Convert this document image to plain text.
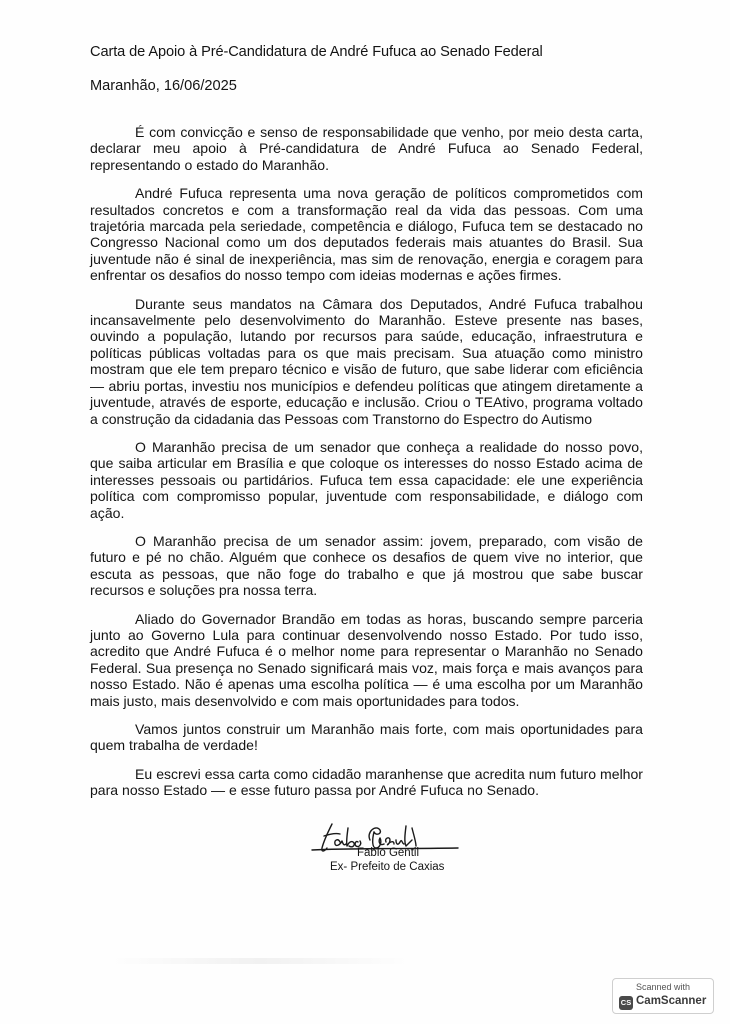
Carta de Apoio à Pré-Candidatura de André Fufuca ao Senado Federal
Maranhão, 16/06/2025

É com convicção e senso de responsabilidade que venho, por meio desta carta, declarar meu apoio à Pré-candidatura de André Fufuca ao Senado Federal, representando o estado do Maranhão.

André Fufuca representa uma nova geração de políticos comprometidos com resultados concretos e com a transformação real da vida das pessoas. Com uma trajetória marcada pela seriedade, competência e diálogo, Fufuca tem se destacado no Congresso Nacional como um dos deputados federais mais atuantes do Brasil. Sua juventude não é sinal de inexperiência, mas sim de renovação, energia e coragem para enfrentar os desafios do nosso tempo com ideias modernas e ações firmes.

Durante seus mandatos na Câmara dos Deputados, André Fufuca trabalhou incansavelmente pelo desenvolvimento do Maranhão. Esteve presente nas bases, ouvindo a população, lutando por recursos para saúde, educação, infraestrutura e políticas públicas voltadas para os que mais precisam. Sua atuação como ministro mostram que ele tem preparo técnico e visão de futuro, que sabe liderar com eficiência — abriu portas, investiu nos municípios e defendeu políticas que atingem diretamente a juventude, através de esporte, educação e inclusão. Criou o TEAtivo, programa voltado a construção da cidadania das Pessoas com Transtorno do Espectro do Autismo

O Maranhão precisa de um senador que conheça a realidade do nosso povo, que saiba articular em Brasília e que coloque os interesses do nosso Estado acima de interesses pessoais ou partidários. Fufuca tem essa capacidade: ele une experiência política com compromisso popular, juventude com responsabilidade, e diálogo com ação.

O Maranhão precisa de um senador assim: jovem, preparado, com visão de futuro e pé no chão. Alguém que conhece os desafios de quem vive no interior, que escuta as pessoas, que não foge do trabalho e que já mostrou que sabe buscar recursos e soluções pra nossa terra.

Aliado do Governador Brandão em todas as horas, buscando sempre parceria junto ao Governo Lula para continuar desenvolvendo nosso Estado. Por tudo isso, acredito que André Fufuca é o melhor nome para representar o Maranhão no Senado Federal. Sua presença no Senado significará mais voz, mais força e mais avanços para nosso Estado. Não é apenas uma escolha política — é uma escolha por um Maranhão mais justo, mais desenvolvido e com mais oportunidades para todos.

Vamos juntos construir um Maranhão mais forte, com mais oportunidades para quem trabalha de verdade!

Eu escrevi essa carta como cidadão maranhense que acredita num futuro melhor para nosso Estado — e esse futuro passa por André Fufuca no Senado.

Fabio Gentil
Ex- Prefeito de Caxias
Scanned with
CS CamScanner
